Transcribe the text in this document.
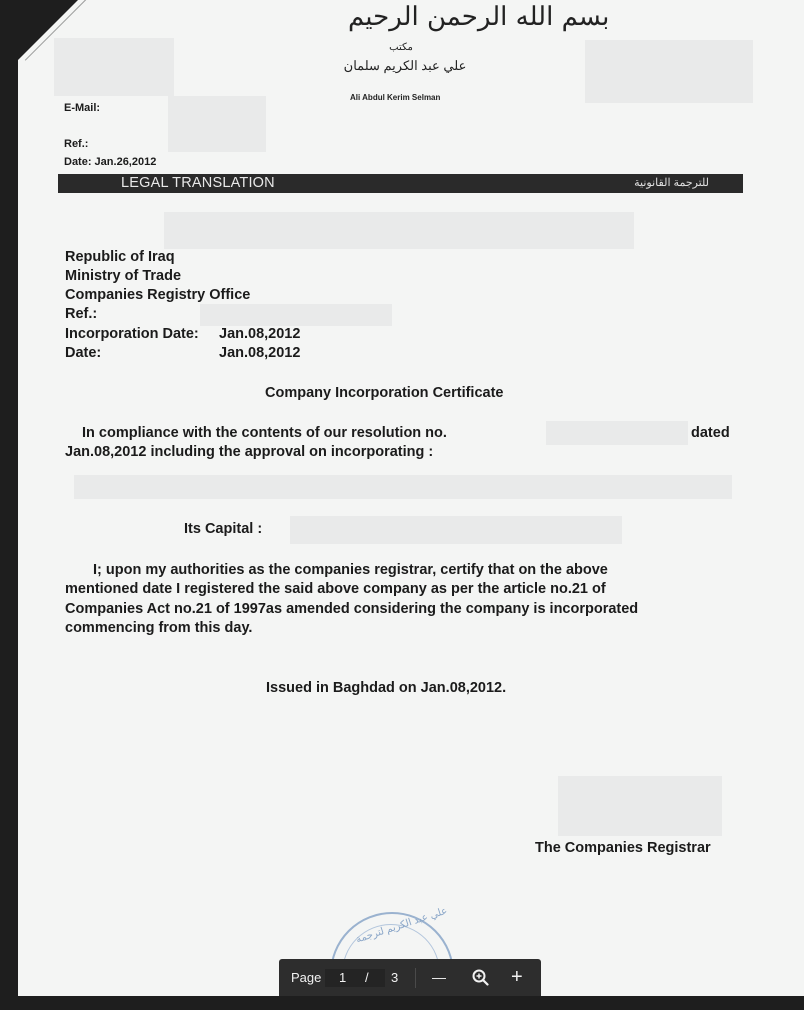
بسم الله الرحمن الرحيم
مكتب
علي عبد الكريم سلمان
Ali Abdul Kerim Selman
E-Mail:
Ref.:
Date: Jan.26,2012
LEGAL TRANSLATION	للترجمة القانونية
Republic of Iraq
Ministry of Trade
Companies Registry Office
Ref.:
Incorporation Date: Jan.08,2012
Date:	Jan.08,2012
Company Incorporation Certificate
In compliance with the contents of our resolution no.	dated
Jan.08,2012 including the approval on incorporating :
Its Capital :
I; upon my authorities as the companies registrar, certify that on the above
mentioned date I registered the said above company as per the article no.21 of
Companies Act no.21 of 1997as amended considering the company is incorporated
commencing from this day.
Issued in Baghdad on Jan.08,2012.
The Companies Registrar
علي عبد الكريم لترجمة
Page 1 / 3 —	+
